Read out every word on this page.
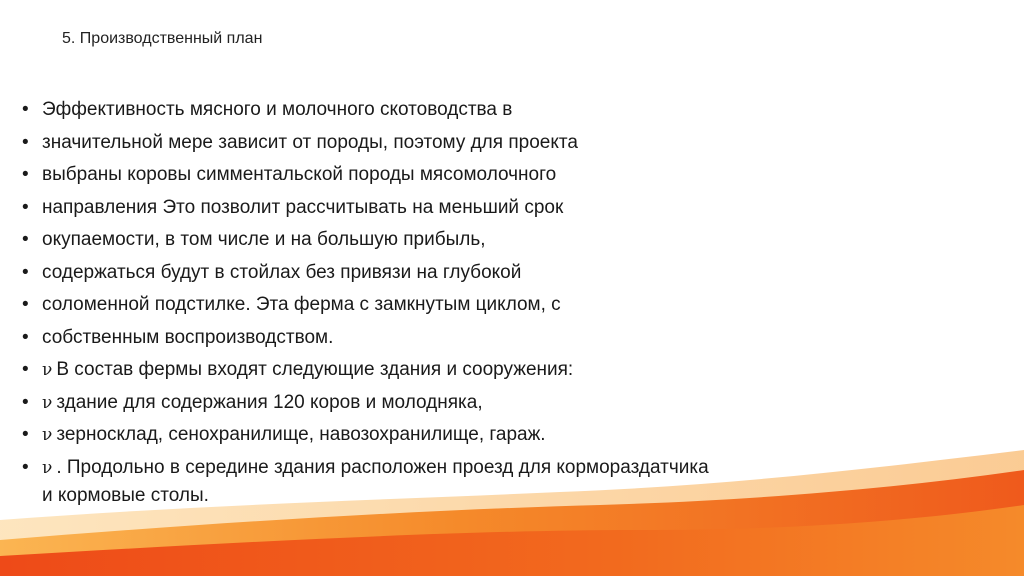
5. Производственный план
• Эффективность мясного и молочного скотоводства в
• значительной мере зависит от породы, поэтому для проекта
• выбраны коровы симментальской породы мясомолочного
• направления Это позволит рассчитывать на меньший срок
• окупаемости, в том числе и на большую прибыль,
• содержаться будут в стойлах без привязи на глубокой
• соломенной подстилке. Эта ферма с замкнутым циклом, с
• собственным воспроизводством.
• ν В состав фермы входят следующие здания и сооружения:
• ν здание для содержания 120 коров и молодняка,
• ν зерносклад, сенохранилище, навозохранилище, гараж.
• ν . Продольно в середине здания расположен проезд для кормораздатчика и кормовые столы.
